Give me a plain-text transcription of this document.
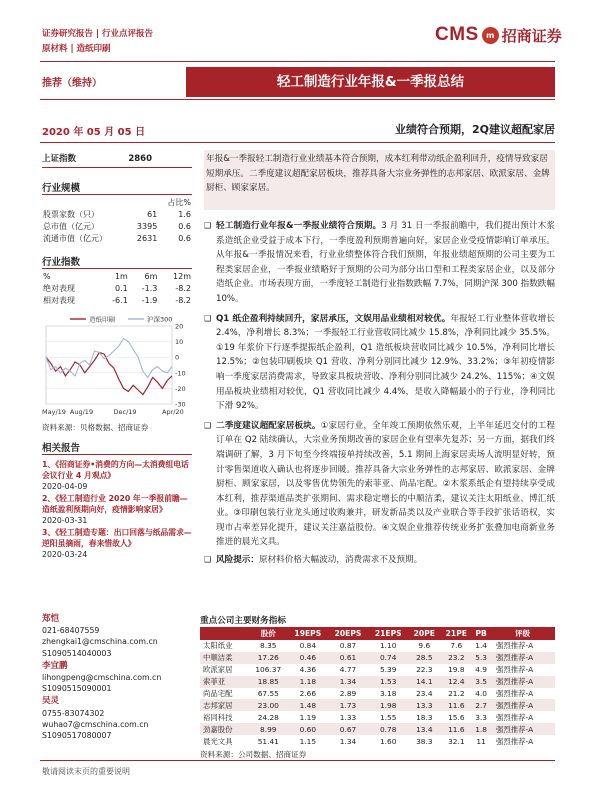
证券研究报告 | 行业点评报告
原材料 | 造纸印刷
CMS m 招商证券
推荐（维持）	轻工制造行业年报&一季报总结
2020 年 05 月 05 日	业绩符合预期，2Q建议超配家居
上证指数	2860
行业规模
		占比%
股票家数（只）	61	1.6
总市值（亿元）	3395	0.6
流通市值（亿元）	2631	0.6
行业指数
%	1m	6m	12m
绝对表现	0.1	-1.3	-8.2
相对表现	-6.1	-1.9	-8.2
20
10
0
-10
-20
-30
May/19 Aug/19	Dec/19	Apr/20
造纸印刷	沪深300
资料来源：贝格数据、招商证券
相关报告
1、《招商证券•消费的方向—太消费组电话会议行业 4 月观点》
2020-04-09
2、《轻工制造行业 2020 年一季报前瞻—造纸盈利预期向好，疫情影响家居》
2020-03-31
3、《轻工制造专题：出口回落与纸品需求—逆阳虽摘雨，春来惜故人》
2020-03-24
郑恺
021-68407559
zhengkai1@cmschina.com.cn
S1090514040003
李宜鹏
lihongpeng@cmschina.com.cn
S1090515090001
吴灵
0755-83074302
wuhao7@cmschina.com.cn
S1090517080007
年报&一季报轻工制造行业业绩基本符合预期，成本红利带动纸企盈利回升，疫情导致家居短期承压。二季度建议超配家居板块，推荐具备大宗业务弹性的志邦家居、欧派家居、金牌厨柜、顾家家居。
❑ 轻工制造行业年报&一季报业绩符合预期。3 月 31 日一季报前瞻中，我们提出预计木浆系造纸企业受益于成本下行，一季度盈利预期普遍向好，家居企业受疫情影响订单承压。从年报&一季报情况来看，行业业绩整体符合我们预期，年报业绩超预期的公司主要为工程类家居企业，一季报业绩略好于预期的公司为部分出口型和工程类家居企业，以及部分造纸企业。市场表现方面，一季度轻工制造行业指数跌幅 7.7%，同期沪深 300 指数跌幅 10%。
❑ Q1 纸企盈利持续回升，家居承压，文娱用品业绩相对较优。年报轻工行业整体营收增长 2.4%，净利增长 8.3%；一季报轻工行业营收同比减少 15.8%，净利同比减少 35.5%。①19 年浆价下行逐季提振纸企盈利，Q1 造纸板块营收同比减少 10.5%，净利同比增长 12.5%；②包装印刷板块 Q1 营收、净利分别同比减少 12.9%、33.2%；③年初疫情影响一季度家居消费需求，导致家具板块营收、净利分别同比减少 24.2%、115%；④文娱用品板块业绩相对较优，Q1 营收同比减少 4.4%，是收入降幅最小的子行业，净利同比下滑 92%。
❑ 二季度建议超配家居板块。①家居行业，全年竣工预期依然乐观，上半年延迟交付的工程订单在 Q2 陆续确认，大宗业务预期改善的家居企业有望率先复苏；另一方面，据我们终端调研了解，3 月下旬至今终端接单持续改善，5.1 期间上海家居卖场人流明显好转，预计零售渠道收入确认也将逐步回暖。推荐具备大宗业务弹性的志邦家居、欧派家居、金牌厨柜、顾家家居，以及零售优势领先的索菲亚、尚品宅配。②木浆系纸企有望持续享受成本红利，推荐渠道品类扩张期间、需求稳定增长的中顺洁柔，建议关注太阳纸业、博汇纸业。③印刷包装行业龙头通过收购兼并，研发新品类以及产业联合等手段扩张话语权，实现市占率差异化提升，建议关注嘉益股份。④文娱企业推荐传统业务扩张叠加电商新业务推进的晨光文具。
❑ 风险提示：原材料价格大幅波动，消费需求不及预期。
重点公司主要财务指标
	股价	19EPS	20EPS	21EPS	20PE	21PE	PB	评级
太阳纸业	8.35	0.84	0.87	1.10	9.6	7.6	1.4	强烈推荐-A
中顺洁柔	17.26	0.46	0.61	0.74	28.5	23.2	5.3	强烈推荐-A
欧派家居	106.37	4.36	4.77	5.39	22.3	19.8	4.9	强烈推荐-A
索菲亚	18.85	1.18	1.34	1.53	14.1	12.4	3.5	强烈推荐-A
尚品宅配	67.55	2.66	2.89	3.18	23.4	21.2	4.0	强烈推荐-A
志邦家居	23.00	1.48	1.73	1.98	13.3	11.6	2.7	强烈推荐-A
裕同科技	24.28	1.19	1.33	1.55	18.3	15.6	3.3	强烈推荐-A
劲嘉股份	8.99	0.60	0.67	0.78	13.4	11.6	1.8	强烈推荐-A
晨光文具	51.41	1.15	1.34	1.60	38.3	32.1	11	强烈推荐-A
资料来源：公司数据、招商证券
敬请阅读末页的重要说明
